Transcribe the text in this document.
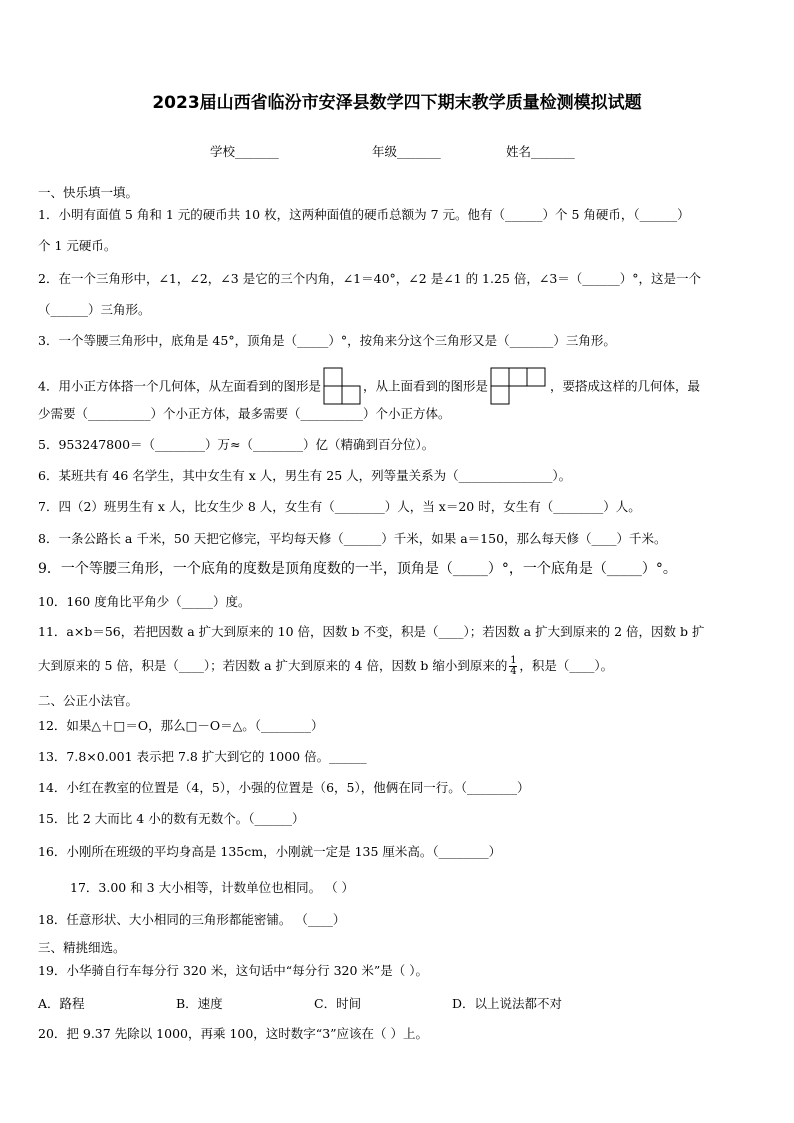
2023届山西省临汾市安泽县数学四下期末教学质量检测模拟试题
学校_______	年级_______	姓名_______
一、快乐填一填。
1．小明有面值 5 角和 1 元的硬币共 10 枚，这两种面值的硬币总额为 7 元。他有（______）个 5 角硬币，（______）
个 1 元硬币。
2．在一个三角形中，∠1，∠2，∠3 是它的三个内角，∠1＝40°，∠2 是∠1 的 1.25 倍，∠3＝（______）°，这是一个
（______）三角形。
3．一个等腰三角形中，底角是 45°，顶角是（_____）°，按角来分这个三角形又是（_______）三角形。
4．用小正方体搭一个几何体，从左面看到的图形是	，从上面看到的图形是	，要搭成这样的几何体，最
少需要（__________）个小正方体，最多需要（__________）个小正方体。
5．953247800＝（________）万≈（________）亿（精确到百分位）。
6．某班共有 46 名学生，其中女生有 x 人，男生有 25 人，列等量关系为（_______________）。
7．四（2）班男生有 x 人，比女生少 8 人，女生有（________）人，当 x＝20 时，女生有（________）人。
8．一条公路长 a 千米，50 天把它修完，平均每天修（______）千米，如果 a＝150，那么每天修（____）千米。
9．一个等腰三角形，一个底角的度数是顶角度数的一半，顶角是（_____）°，一个底角是（_____）°。
10．160 度角比平角少（_____）度。
11．a×b＝56，若把因数 a 扩大到原来的 10 倍，因数 b 不变，积是（____）；若因数 a 扩大到原来的 2 倍，因数 b 扩
大到原来的 5 倍，积是（____）；若因数 a 扩大到原来的 4 倍，因数 b 缩小到原来的 $\frac{1}{4}$ ，积是（____）。
二、公正小法官。
12．如果△＋□＝O，那么□－O＝△。（________）
13．7.8×0.001 表示把 7.8 扩大到它的 1000 倍。______
14．小红在教室的位置是（4，5），小强的位置是（6，5），他俩在同一行。（________）
15．比 2 大而比 4 小的数有无数个。（______）
16．小刚所在班级的平均身高是 135cm，小刚就一定是 135 厘米高。（________）
17．3.00 和 3 大小相等，计数单位也相同。 （ ）
18．任意形状、大小相同的三角形都能密铺。 （____）
三、精挑细选。
19．小华骑自行车每分行 320 米，这句话中“每分行 320 米”是（ ）。
A．路程	B．速度	C．时间	D．以上说法都不对
20．把 9.37 先除以 1000，再乘 100，这时数字“3”应该在（ ）上。
